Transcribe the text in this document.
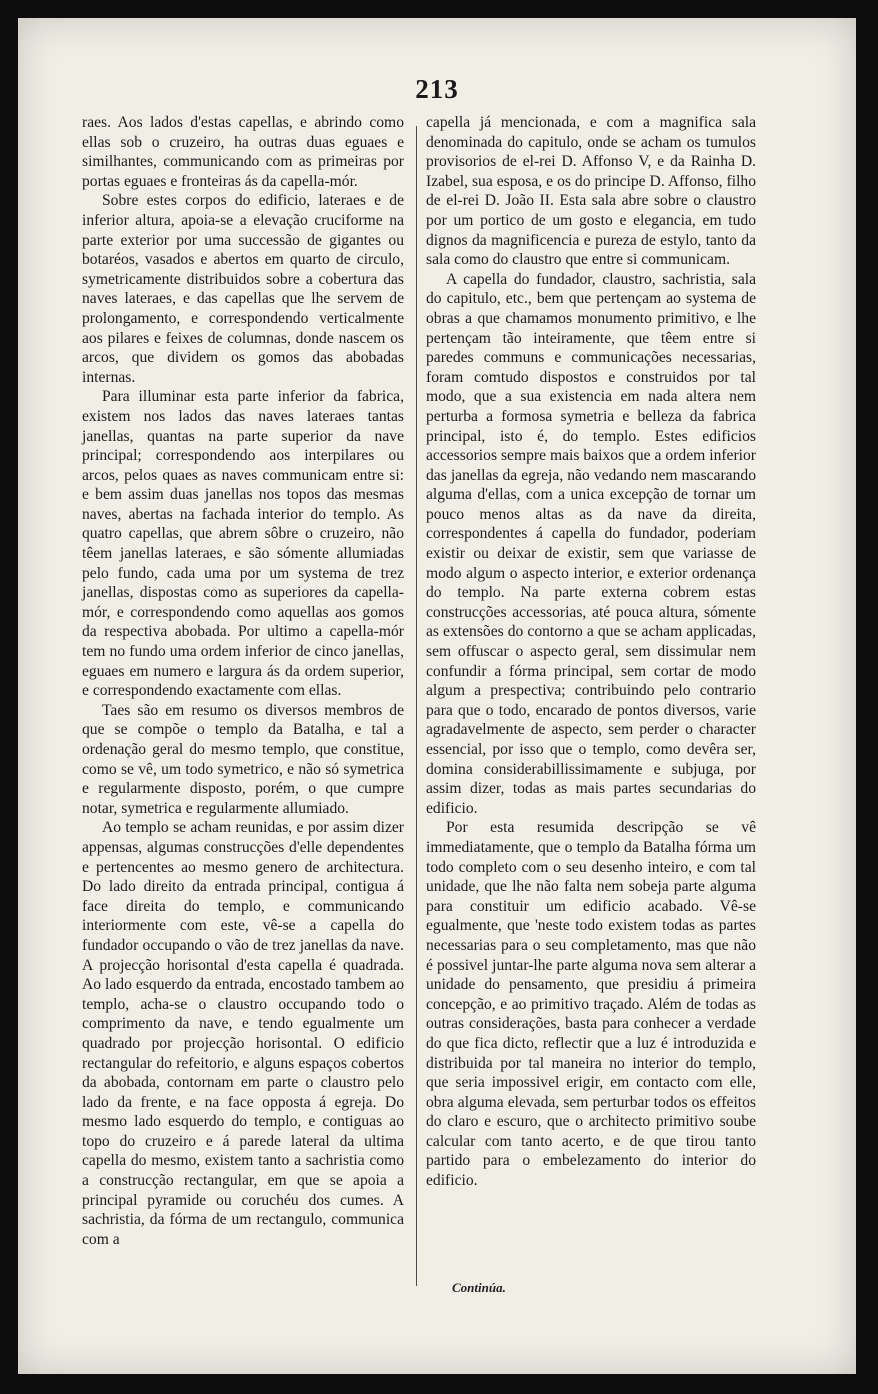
213

raes. Aos lados d'estas capellas, e abrindo como ellas sob o cruzeiro, ha outras duas eguaes e similhantes, communicando com as primeiras por portas eguaes e fronteiras ás da capella-mór.

Sobre estes corpos do edificio, lateraes e de inferior altura, apoia-se a elevação cruciforme na parte exterior por uma successão de gigantes ou botaréos, vasados e abertos em quarto de circulo, symetricamente distribuidos sobre a cobertura das naves lateraes, e das capellas que lhe servem de prolongamento, e correspondendo verticalmente aos pilares e feixes de columnas, donde nascem os arcos, que dividem os gomos das abobadas internas.

Para illuminar esta parte inferior da fabrica, existem nos lados das naves lateraes tantas janellas, quantas na parte superior da nave principal; correspondendo aos interpilares ou arcos, pelos quaes as naves communicam entre si: e bem assim duas janellas nos topos das mesmas naves, abertas na fachada interior do templo. As quatro capellas, que abrem sôbre o cruzeiro, não têem janellas lateraes, e são sómente allumiadas pelo fundo, cada uma por um systema de trez janellas, dispostas como as superiores da capella-mór, e correspondendo como aquellas aos gomos da respectiva abobada. Por ultimo a capella-mór tem no fundo uma ordem inferior de cinco janellas, eguaes em numero e largura ás da ordem superior, e correspondendo exactamente com ellas.

Taes são em resumo os diversos membros de que se compõe o templo da Batalha, e tal a ordenação geral do mesmo templo, que constitue, como se vê, um todo symetrico, e não só symetrica e regularmente disposto, porém, o que cumpre notar, symetrica e regularmente allumiado.

Ao templo se acham reunidas, e por assim dizer appensas, algumas construcções d'elle dependentes e pertencentes ao mesmo genero de architectura. Do lado direito da entrada principal, contigua á face direita do templo, e communicando interiormente com este, vê-se a capella do fundador occupando o vão de trez janellas da nave. A projecção horisontal d'esta capella é quadrada. Ao lado esquerdo da entrada, encostado tambem ao templo, acha-se o claustro occupando todo o comprimento da nave, e tendo egualmente um quadrado por projecção horisontal. O edificio rectangular do refeitorio, e alguns espaços cobertos da abobada, contornam em parte o claustro pelo lado da frente, e na face opposta á egreja. Do mesmo lado esquerdo do templo, e contiguas ao topo do cruzeiro e á parede lateral da ultima capella do mesmo, existem tanto a sachristia como a construcção rectangular, em que se apoia a principal pyramide ou coruchéu dos cumes. A sachristia, da fórma de um rectangulo, communica com a

capella já mencionada, e com a magnifica sala denominada do capitulo, onde se acham os tumulos provisorios de el-rei D. Affonso V, e da Rainha D. Izabel, sua esposa, e os do principe D. Affonso, filho de el-rei D. João II. Esta sala abre sobre o claustro por um portico de um gosto e elegancia, em tudo dignos da magnificencia e pureza de estylo, tanto da sala como do claustro que entre si communicam.

A capella do fundador, claustro, sachristia, sala do capitulo, etc., bem que pertençam ao systema de obras a que chamamos monumento primitivo, e lhe pertençam tão inteiramente, que têem entre si paredes communs e communicações necessarias, foram comtudo dispostos e construidos por tal modo, que a sua existencia em nada altera nem perturba a formosa symetria e belleza da fabrica principal, isto é, do templo. Estes edificios accessorios sempre mais baixos que a ordem inferior das janellas da egreja, não vedando nem mascarando alguma d'ellas, com a unica excepção de tornar um pouco menos altas as da nave da direita, correspondentes á capella do fundador, poderiam existir ou deixar de existir, sem que variasse de modo algum o aspecto interior, e exterior ordenança do templo. Na parte externa cobrem estas construcções accessorias, até pouca altura, sómente as extensões do contorno a que se acham applicadas, sem offuscar o aspecto geral, sem dissimular nem confundir a fórma principal, sem cortar de modo algum a prespectiva; contribuindo pelo contrario para que o todo, encarado de pontos diversos, varie agradavelmente de aspecto, sem perder o character essencial, por isso que o templo, como devêra ser, domina considerabillissimamente e subjuga, por assim dizer, todas as mais partes secundarias do edificio.

Por esta resumida descripção se vê immediatamente, que o templo da Batalha fórma um todo completo com o seu desenho inteiro, e com tal unidade, que lhe não falta nem sobeja parte alguma para constituir um edificio acabado. Vê-se egualmente, que 'neste todo existem todas as partes necessarias para o seu completamento, mas que não é possivel juntar-lhe parte alguma nova sem alterar a unidade do pensamento, que presidiu á primeira concepção, e ao primitivo traçado. Além de todas as outras considerações, basta para conhecer a verdade do que fica dicto, reflectir que a luz é introduzida e distribuida por tal maneira no interior do templo, que seria impossivel erigir, em contacto com elle, obra alguma elevada, sem perturbar todos os effeitos do claro e escuro, que o architecto primitivo soube calcular com tanto acerto, e de que tirou tanto partido para o embelezamento do interior do edificio.

Continúa.
